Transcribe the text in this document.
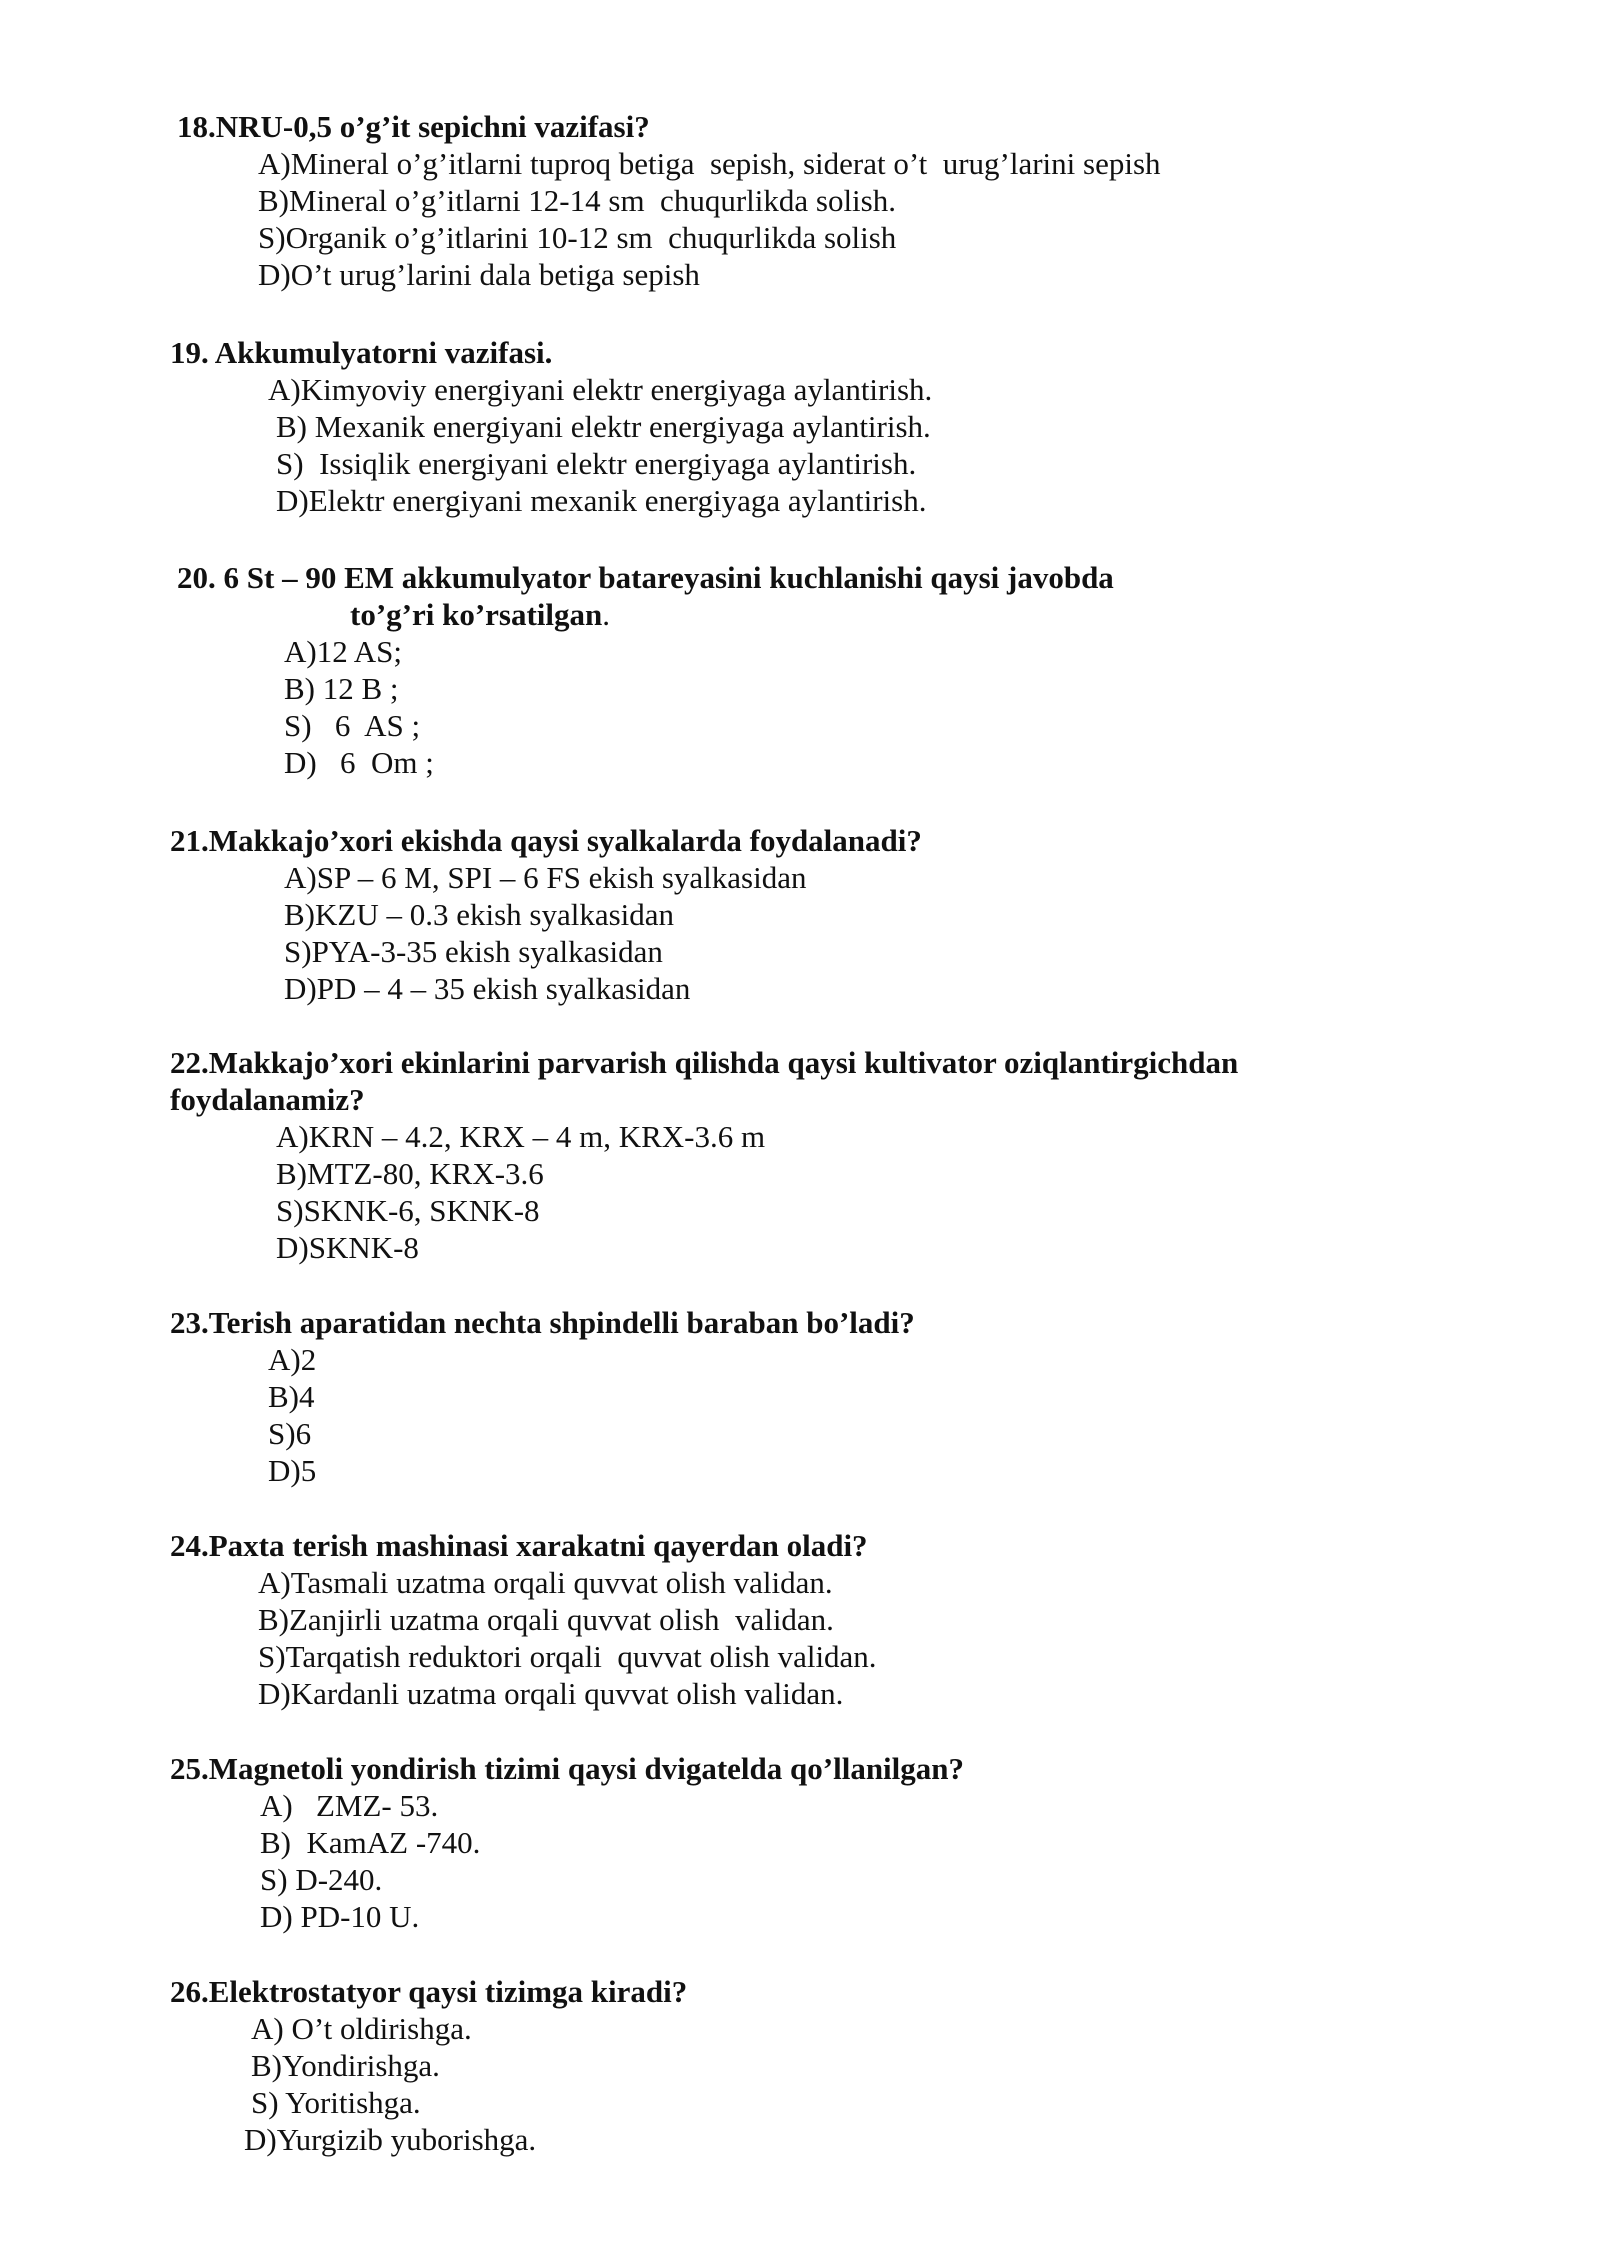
18.NRU-0,5 o’g’it sepichni vazifasi?
A)Mineral o’g’itlarni tuproq betiga  sepish, siderat o’t  urug’larini sepish
B)Mineral o’g’itlarni 12-14 sm  chuqurlikda solish.
S)Organik o’g’itlarini 10-12 sm  chuqurlikda solish
D)O’t urug’larini dala betiga sepish
19. Akkumulyatorni vazifasi.
A)Kimyoviy energiyani elektr energiyaga aylantirish.
B) Mexanik energiyani elektr energiyaga aylantirish.
S)  Issiqlik energiyani elektr energiyaga aylantirish.
D)Elektr energiyani mexanik energiyaga aylantirish.
20. 6 St – 90 EM akkumulyator batareyasini kuchlanishi qaysi javobda
to’g’ri ko’rsatilgan.
A)12 AS;
B) 12 B ;
S)   6  AS ;
D)   6  Om ;
21.Makkajo’xori ekishda qaysi syalkalarda foydalanadi?
A)SP – 6 M, SPI – 6 FS ekish syalkasidan
B)KZU – 0.3 ekish syalkasidan
S)PYA-3-35 ekish syalkasidan
D)PD – 4 – 35 ekish syalkasidan
22.Makkajo’xori ekinlarini parvarish qilishda qaysi kultivator oziqlantirgichdan
foydalanamiz?
A)KRN – 4.2, KRX – 4 m, KRX-3.6 m
B)MTZ-80, KRX-3.6
S)SKNK-6, SKNK-8
D)SKNK-8
23.Terish aparatidan nechta shpindelli baraban bo’ladi?
A)2
B)4
S)6
D)5
24.Paxta terish mashinasi xarakatni qayerdan oladi?
A)Tasmali uzatma orqali quvvat olish validan.
B)Zanjirli uzatma orqali quvvat olish  validan.
S)Tarqatish reduktori orqali  quvvat olish validan.
D)Kardanli uzatma orqali quvvat olish validan.
25.Magnetoli yondirish tizimi qaysi dvigatelda qo’llanilgan?
A)   ZMZ- 53.
B)  KamAZ -740.
S) D-240.
D) PD-10 U.
26.Elektrostatyor qaysi tizimga kiradi?
A) O’t oldirishga.
B)Yondirishga.
S) Yoritishga.
D)Yurgizib yuborishga.
